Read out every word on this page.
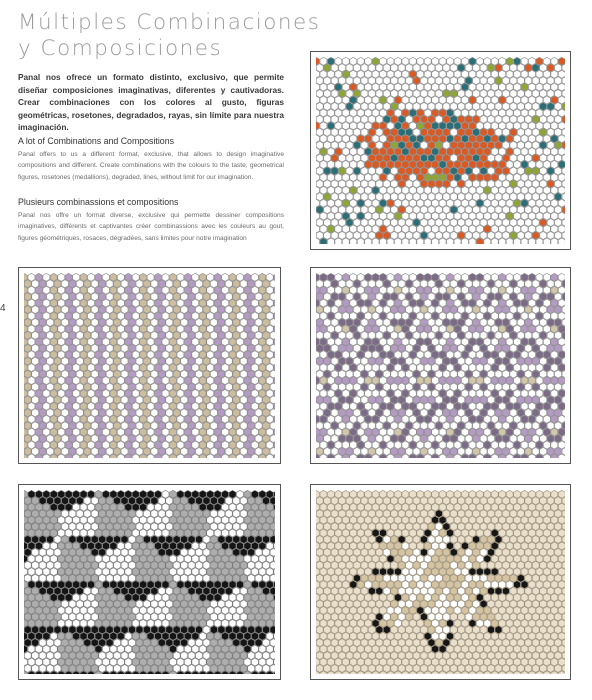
Múltiples Combinaciones
y Composiciones
Panal nos ofrece un formato distinto, exclusivo, que permite diseñar composiciones imaginativas, diferentes y cautivadoras. Crear combinaciones con los colores al gusto, figuras geométricas, rosetones, degradados, rayas, sin límite para nuestra imaginación.
A lot of Combinations and Compositions
Panal offers to us a different format, exclusive, that allows to design imaginative compositions and different. Create combinations with the colours to the taste, geometrical figures, rosetones (medallions), degraded, lines, without limit for our imagination.
Plusieurs combinassions et compositions
Panal nos offre un format diverse, exclusive qui permette dessiner compositions imaginatives, différents et captivantes créer combinassions avec les couleurs au gout, figures géométriques, rosaces, dégradées, sans limites pour notre imagination
4
